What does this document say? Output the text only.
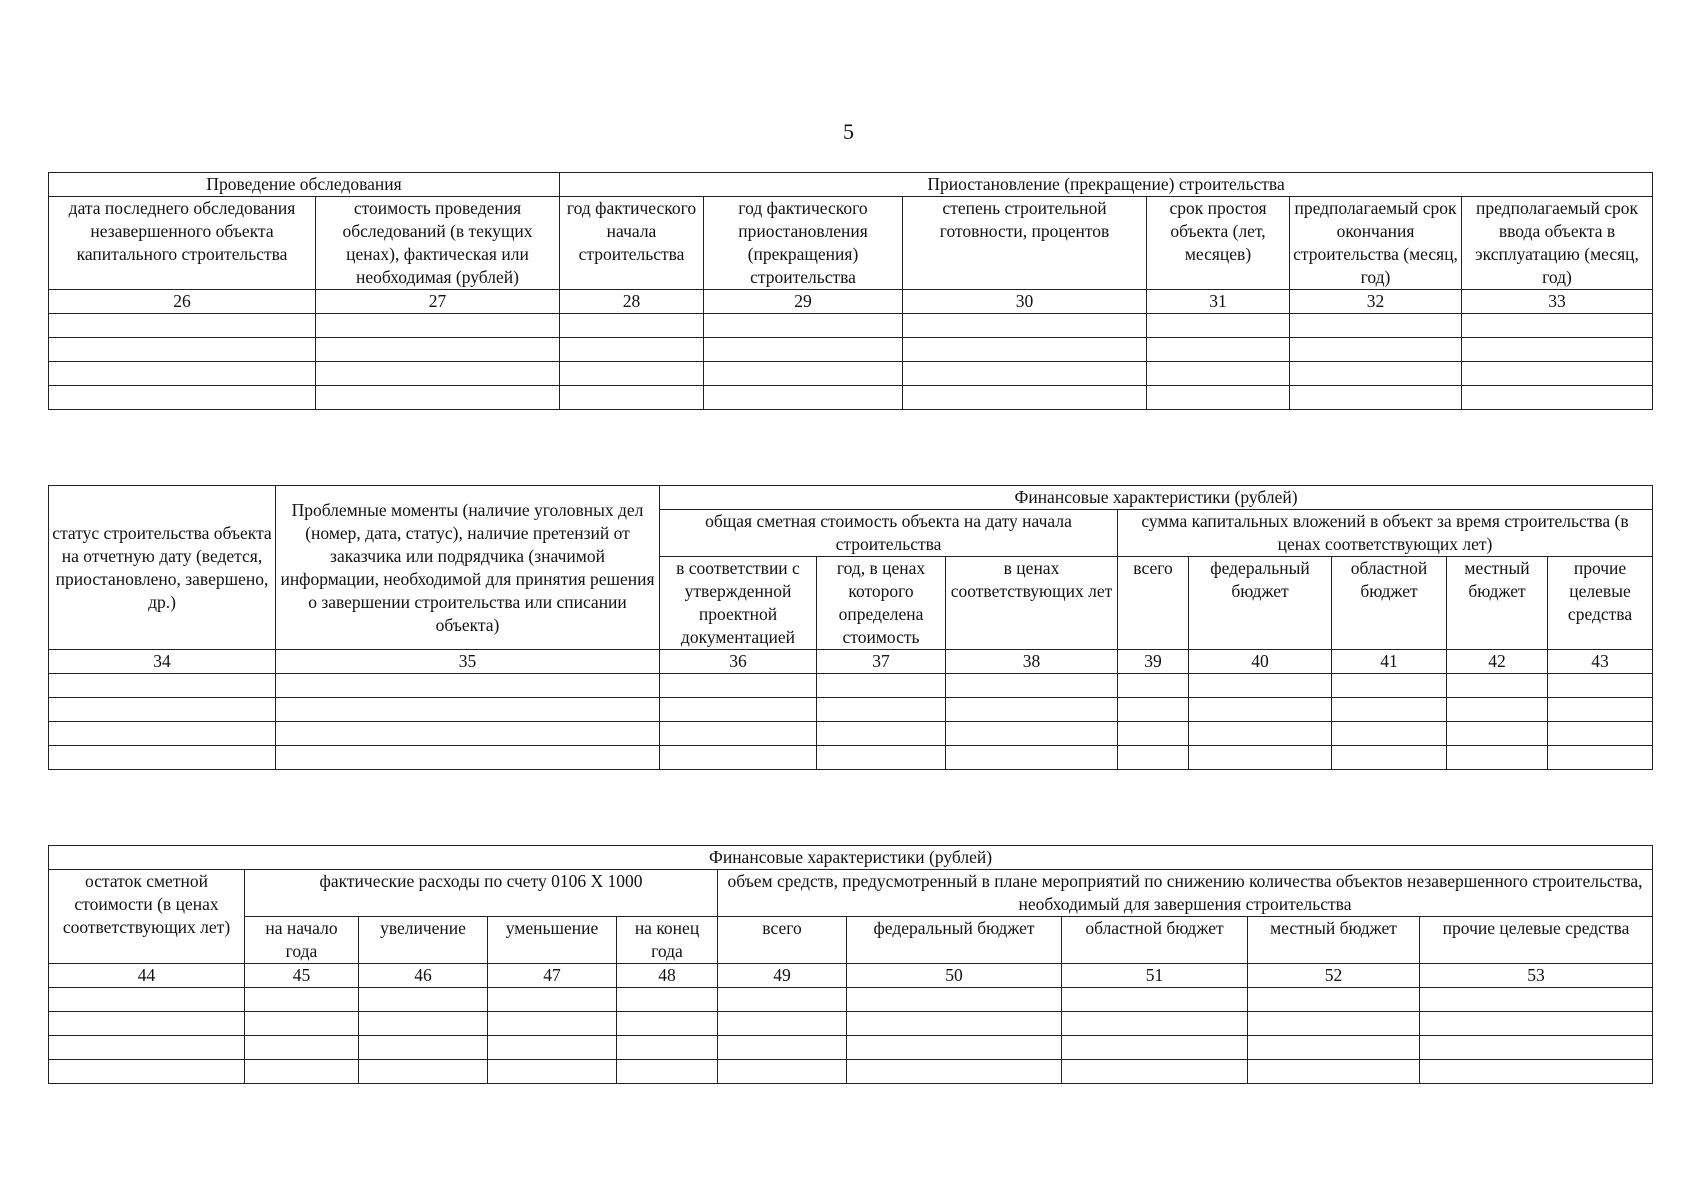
5
Проведение обследования		Приостановление (прекращение) строительства					
дата последнего обследования незавершенного объекта капитального строительства	стоимость проведения обследований (в текущих ценах), фактическая или необходимая (рублей)	год фактического начала строительства	год фактического приостановления (прекращения) строительства	степень строительной готовности, процентов	срок простоя объекта (лет, месяцев)	предполагаемый срок окончания строительства (месяц, год)	предполагаемый срок ввода объекта в эксплуатацию (месяц, год)
26	27	28	29	30	31	32	33

статус строительства объекта на отчетную дату (ведется, приостановлено, завершено, др.)	Проблемные моменты (наличие уголовных дел (номер, дата, статус), наличие претензий от заказчика или подрядчика (значимой информации, необходимой для принятия решения о завершении строительства или списании объекта)	Финансовые характеристики (рублей)							
		общая сметная стоимость объекта на дату начала строительства			сумма капитальных вложений в объект за время строительства (в ценах соответствующих лет)				
		в соответствии с утвержденной проектной документацией	год, в ценах которого определена стоимость	в ценах соответствующих лет	всего	федеральный бюджет	областной бюджет	местный бюджет	прочие целевые средства
34	35	36	37	38	39	40	41	42	43

Финансовые характеристики (рублей)									
остаток сметной стоимости (в ценах соответствующих лет)	фактические расходы по счету 0106 Х 1000				объем средств, предусмотренный в плане мероприятий по снижению количества объектов незавершенного строительства, необходимый для завершения строительства				
	на начало года	увеличение	уменьшение	на конец года	всего	федеральный бюджет	областной бюджет	местный бюджет	прочие целевые средства
44	45	46	47	48	49	50	51	52	53
